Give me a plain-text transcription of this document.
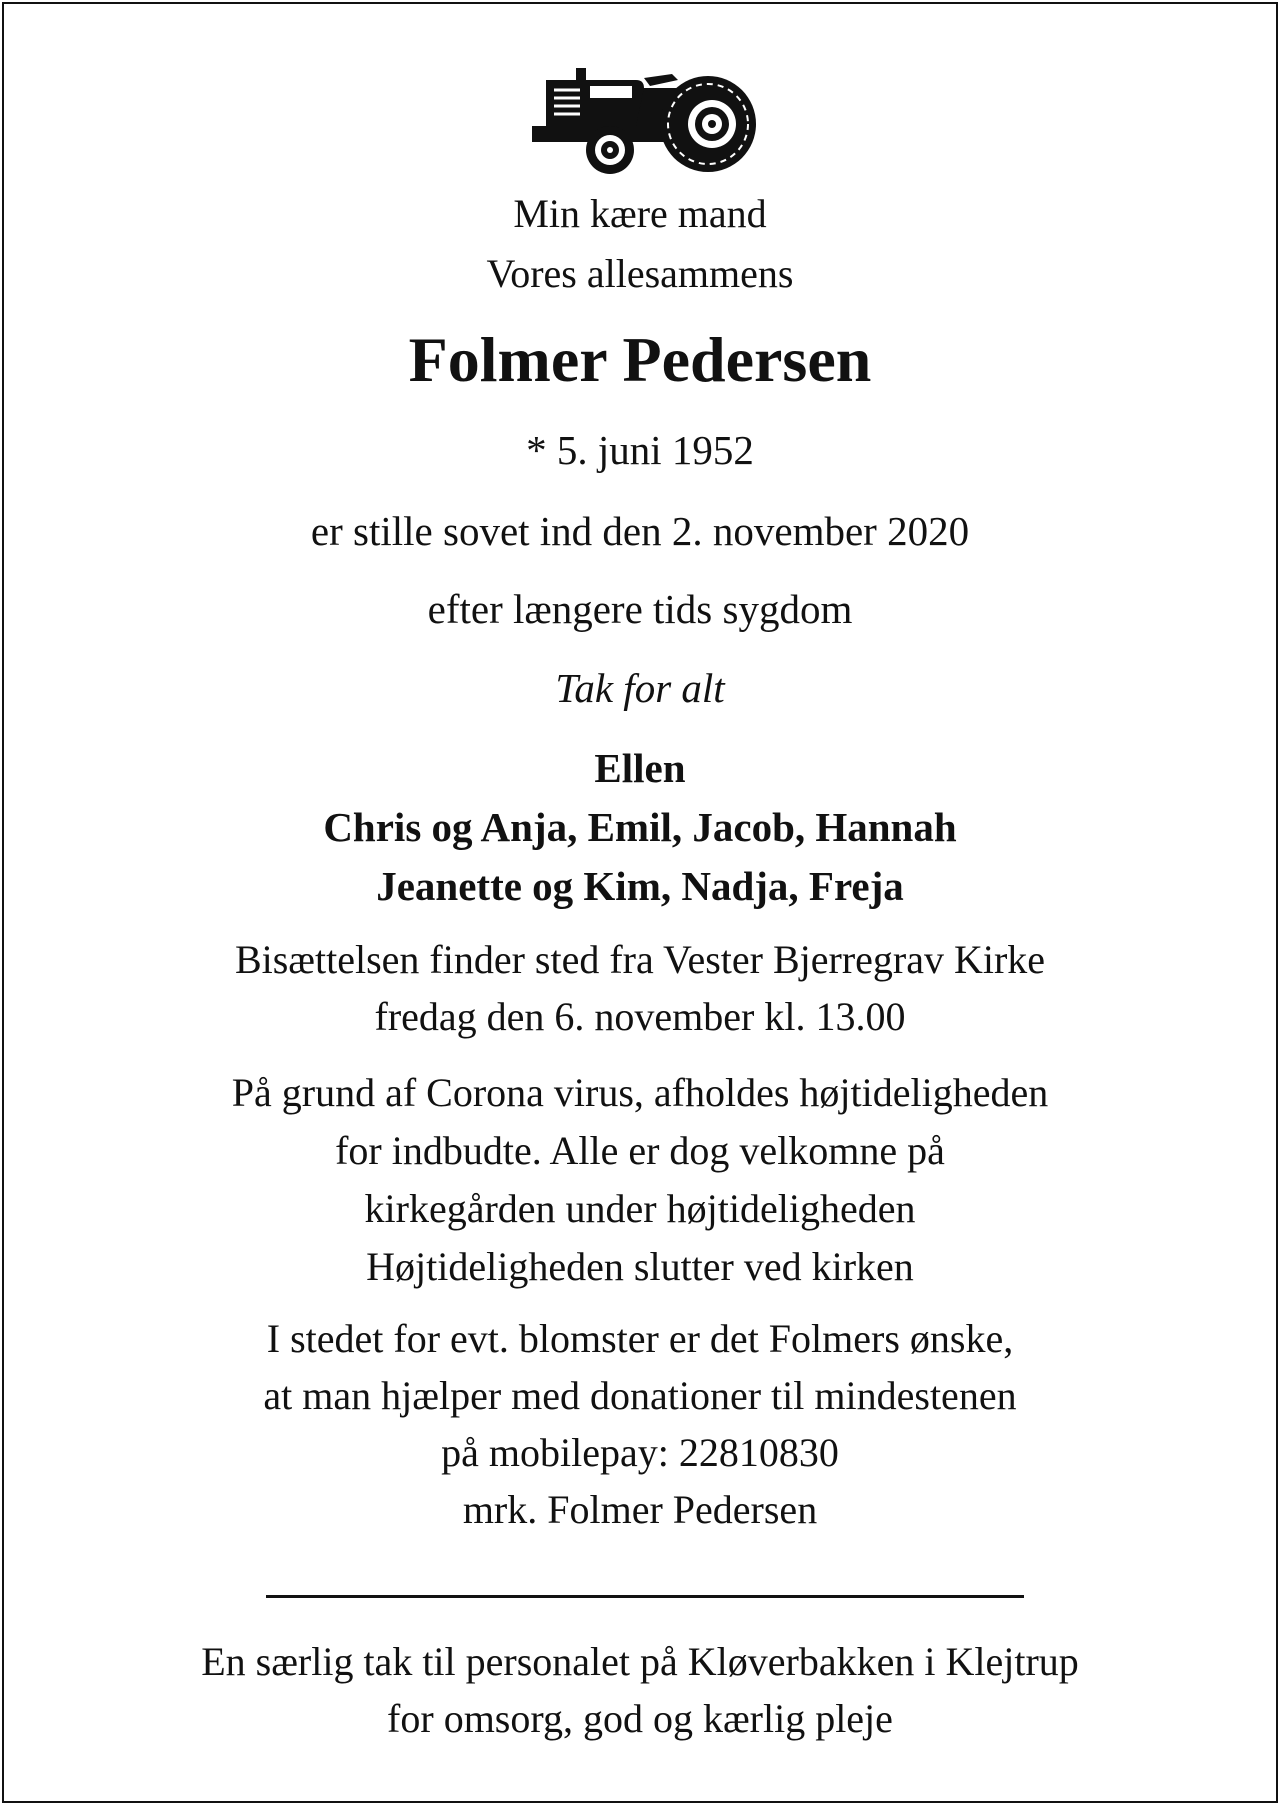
Min kære mand
Vores allesammens
Folmer Pedersen
* 5. juni 1952
er stille sovet ind den 2. november 2020
efter længere tids sygdom
Tak for alt
Ellen
Chris og Anja, Emil, Jacob, Hannah
Jeanette og Kim, Nadja, Freja
Bisættelsen finder sted fra Vester Bjerregrav Kirke
fredag den 6. november kl. 13.00
På grund af Corona virus, afholdes højtideligheden
for indbudte. Alle er dog velkomne på
kirkegården under højtideligheden
Højtideligheden slutter ved kirken
I stedet for evt. blomster er det Folmers ønske,
at man hjælper med donationer til mindestenen
på mobilepay: 22810830
mrk. Folmer Pedersen
En særlig tak til personalet på Kløverbakken i Klejtrup
for omsorg, god og kærlig pleje
